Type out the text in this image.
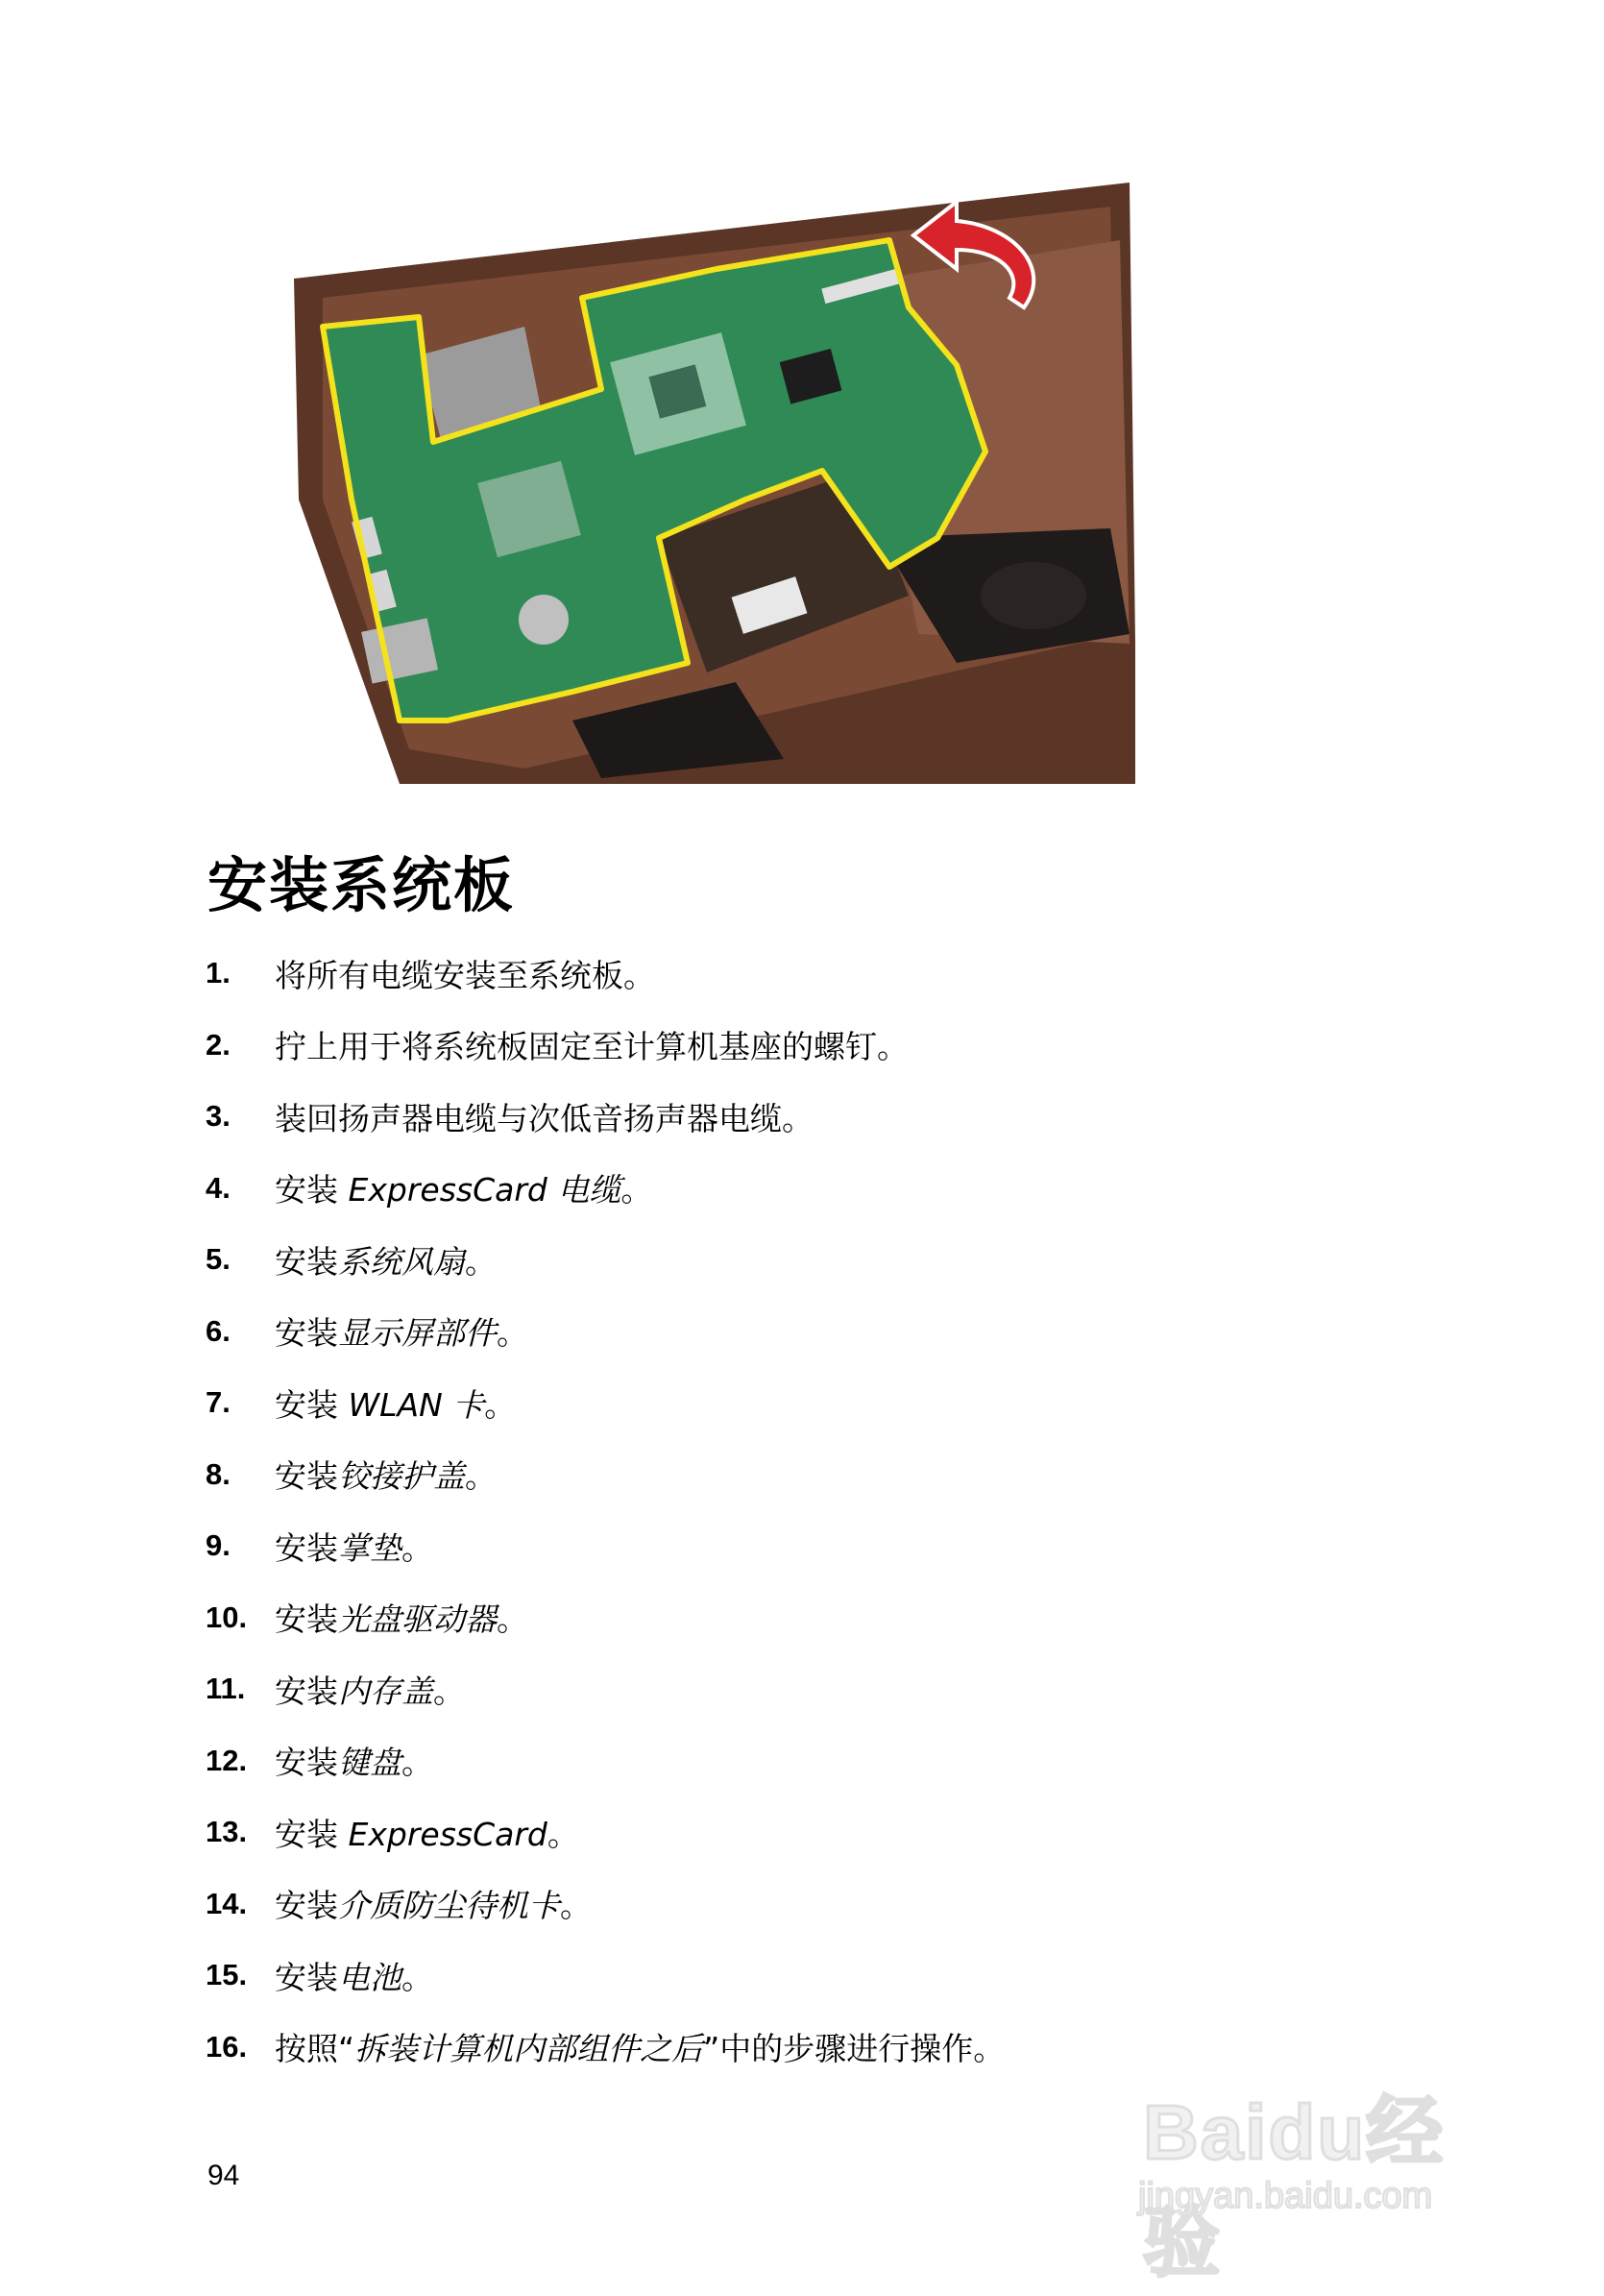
安装系统板
1.	将所有电缆安装至系统板。
2.	拧上用于将系统板固定至计算机基座的螺钉。
3.	装回扬声器电缆与次低音扬声器电缆。
4.	安装 ExpressCard 电缆。
5.	安装系统风扇。
6.	安装显示屏部件。
7.	安装 WLAN 卡。
8.	安装铰接护盖。
9.	安装掌垫。
10. 安装光盘驱动器。
11. 安装内存盖。
12. 安装键盘。
13. 安装 ExpressCard。
14. 安装介质防尘待机卡。
15. 安装电池。
16. 按照“拆装计算机内部组件之后”中的步骤进行操作。
94
Baidu经验
jingyan.baidu.com
